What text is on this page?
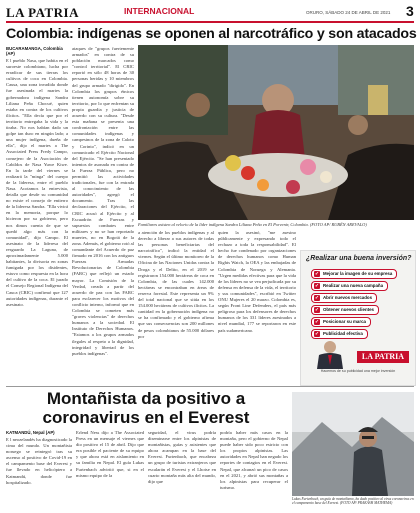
LA PATRIA	INTERNACIONAL	ORURO, SÁBADO 24 DE ABRIL DE 2021 3
Colombia: indígenas se oponen al narcotráfico y son atacados
BUCARAMANGA, Colombia (AP)
E l pueblo Nasa, que habita en el suroeste colombiano, lucha por erradicar de sus tierras los cultivos de coca en Colombia. Causa, una zona invadida donde fue asesinada el martes la gobernadora indígena Sandra Liliana Peña Chocué, quien estaba en contra de los cultivos ilícitos. "Ella decía que por el territorio entregaba la vida y la tiraba. No nos habían dado un golpe tan duro en ningún lado; a una mujer indígena, dueña de ella", dijo el martes a The Associated Press Fredy Campo, consejero de la Asociación de Cabildos de Nasa Yuwe Kiwe. En la tarde del viernes se realizará la "minga" del cuerpo de la lideresa, entre el pueblo Nasa. Acotamos la entrevista, detalla que desde su comunidad no existe el consejo de entierro de la lideresa Sandra. "Ella vivirá en la memoria, porque lo hicieron por su gobierno, pero nos dimos cuenta de que se quedó algo más con la comunidad", dijo Campo. El asesinato de la lideresa del resguardo La Laguna, de aproximadamente 5.000 habitantes, la divisoria en zonas fumigada por los disidentes, estuvo como respuesta en la hora del cultivo de la coca. El jurado el Consejo Regional Indígena del Cauca (CRIC) confirmó que 127 autoridades indígenas, durante el asesinato.
ataques de "grupos fuertemente armados" en contra de su población marcados como "control territorial". El CRIC reportó en sólo 48 horas de 30 personas heridas y 10 miembros del grupo armado "dirigido". En Colombia los grupos étnicos tienen autonomía sobre su territorio, por lo que enfrentan su propia guardia y justicia de acuerdo con su cultura. "Desde esta mañana se presenta una confrontación entre las comunidades indígenas y campesinos de la zona de Caloto y Corinto", indicó en un comunicado el Ejército Nacional del Ejército. "Se han presentado intentos de asonada en contra de la Fuerza Pública, pero no permitió las actividades tradicionales, fue con la entrada al conocimiento de las autoridades", agregó el documento. Tras las declaraciones del Ejército, el CRIC acusó al Ejército y al Escuadrón de Fuerzas y supuestos combates entre militares y no se han reportado muertes, no en Bogotá de la zona. Además, el gobierno rotó al comandante del Acuerdo de paz firmado en 2016 con los antiguos Fuerzas Armadas Revolucionarias de Colombia (FARC) que reflejó un estado mayor. La Comisión de la Verdad, creada a partir del acuerdo de paz con las FARC para esclarecer los motivos del conflicto interno, informó que en Colombia se cometen más "graves violencias" de derechos humanos a la sociedad. El Instituto de Derechos Humanos. "Estamos a los grupos armados ilegales al respeto a la dignidad, integridad y libertad de los pueblos indígenas".
Familiares asisten al velorio de la líder indígena Sandra Liliana Peña en El Porvenir, Colombia. (FOTO AP/ RUBÉN AREVALO)
a atención de los pueblos indígenas y al derecho a liberar a sus autores de todas las personas beneficiarias del narcotráfico", indicó la entidad el viernes. Según el último monitoreo de la Oficina de las Naciones Unidas contra la Droga y el Delito, en el 2019 se registraron 154.000 hectáreas de coca en Colombia, de las cuales 142.000 hectáreas se encontraban en áreas de reserva forestal. Este representa un 9% del total nacional que se sitúa en los 154.000 hectáreas de cultivos ilícitos. La cantidad en la gobernación indígena no se ha confirmado y el gobierno afirma que sus consecuencias son 200 millones de pesos colombianos de 55.000 dólares por
quien la asesinó, "me asesino públicamente y expresando todo el rechazo a toda la responsabilidad". El hecho fue condenado por organizaciones de derechos humanos como Human Rights Watch, la OEA y las embajadas de Colombia de Noruega y Alemania. "Urgen medidas efectivas para que la vida de los líderes no se vea perjudicada por su defensa en defensa de la vida, el territorio y sus comunidades", escribió en Twitter ONU Mujeres el 20 marzo. Colombia es, según Front Line Defenders, el país más peligroso para los defensores de derechos humanos de los 331 líderes asesinados a nivel mundial, 177 se reportaron en este país sudamericano.
¿Realizar una buena inversión?
✓ Mejorar la imagen de su empresa
✓ Realizar una nueva campaña
✓ Abrir nuevos mercados
✓ Obtener nuevos clientes
✓ Posicionar su marca
✓ Publicidad efectiva
LA PATRIA
Hacemos de su publicidad una mejor inversión
Montañista da positivo a coronavirus en el Everest
KATMANDÚ, Nepal (AP)
E l neozelandés ha diagnosticado la cima del mundo. Un montañista noruego se reintegró tras su ascenso al positivo de Covid-19 en el campamento base del Everest y fue llevado en helicóptero a Katmandú, donde fue hospitalizado.
Erlend Ness dijo a The Associated Press en un mensaje el viernes que dio positivo el 15 de abril. Dijo que era posible el paciente de su equipo y que ahora está en aislamiento en su familia en Nepal. El guía Lukas Furtenbach advirtió que, si en el mismo equipo de la
seguridad, el virus podría diseminarse entre los alpinistas de montañistas, guías y asistentes que ahora acampan en la base del Everest. Furtenbach, que encabeza un grupo de turistas extranjeros que escalarán el Everest y el Lhotse en cuarto montaña más alta del mundo, dijo que
podría haber más casos en la montaña, pero el gobierno de Nepal puede haber sido poco estricto con los propios alpinistas. Las autoridades en Nepal han negado los reportes de contagios en el Everest. Nepal, que alcanzó un pico de casos en el 2021, y abrió sus montañas a los alpinistas para recuperar el turismo.
Lukas Furtenbach, un guía de montañismo, ha dado positivo al virus coronavirus en el campamento base del Everest. (FOTO AP/ PRAKASH MATHEMA)
